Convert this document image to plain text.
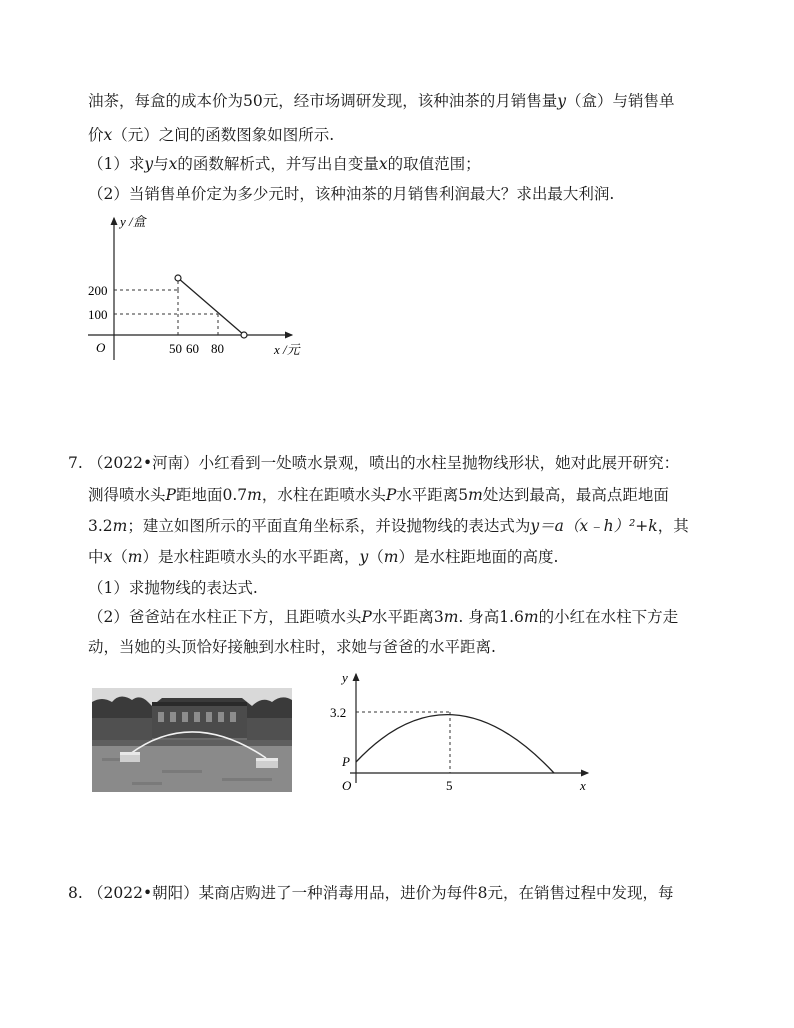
油茶，每盒的成本价为50元，经市场调研发现，该种油茶的月销售量y（盒）与销售单
价x（元）之间的函数图象如图所示.
（1）求y与x的函数解析式，并写出自变量x的取值范围；
（2）当销售单价定为多少元时，该种油茶的月销售利润最大？求出最大利润.
y /盒
x /元
O
200
100
50 60 80
7. （2022•河南）小红看到一处喷水景观，喷出的水柱呈抛物线形状，她对此展开研究：
测得喷水头P距地面0.7m，水柱在距喷水头P水平距离5m处达到最高，最高点距地面
3.2m；建立如图所示的平面直角坐标系，并设抛物线的表达式为y＝a（x﹣h）²+k，其
中x（m）是水柱距喷水头的水平距离，y（m）是水柱距地面的高度.
（1）求抛物线的表达式.
（2）爸爸站在水柱正下方，且距喷水头P水平距离3m. 身高1.6m的小红在水柱下方走
动，当她的头顶恰好接触到水柱时，求她与爸爸的水平距离.
y
x
O
P
3.2
5
8. （2022•朝阳）某商店购进了一种消毒用品，进价为每件8元，在销售过程中发现，每
